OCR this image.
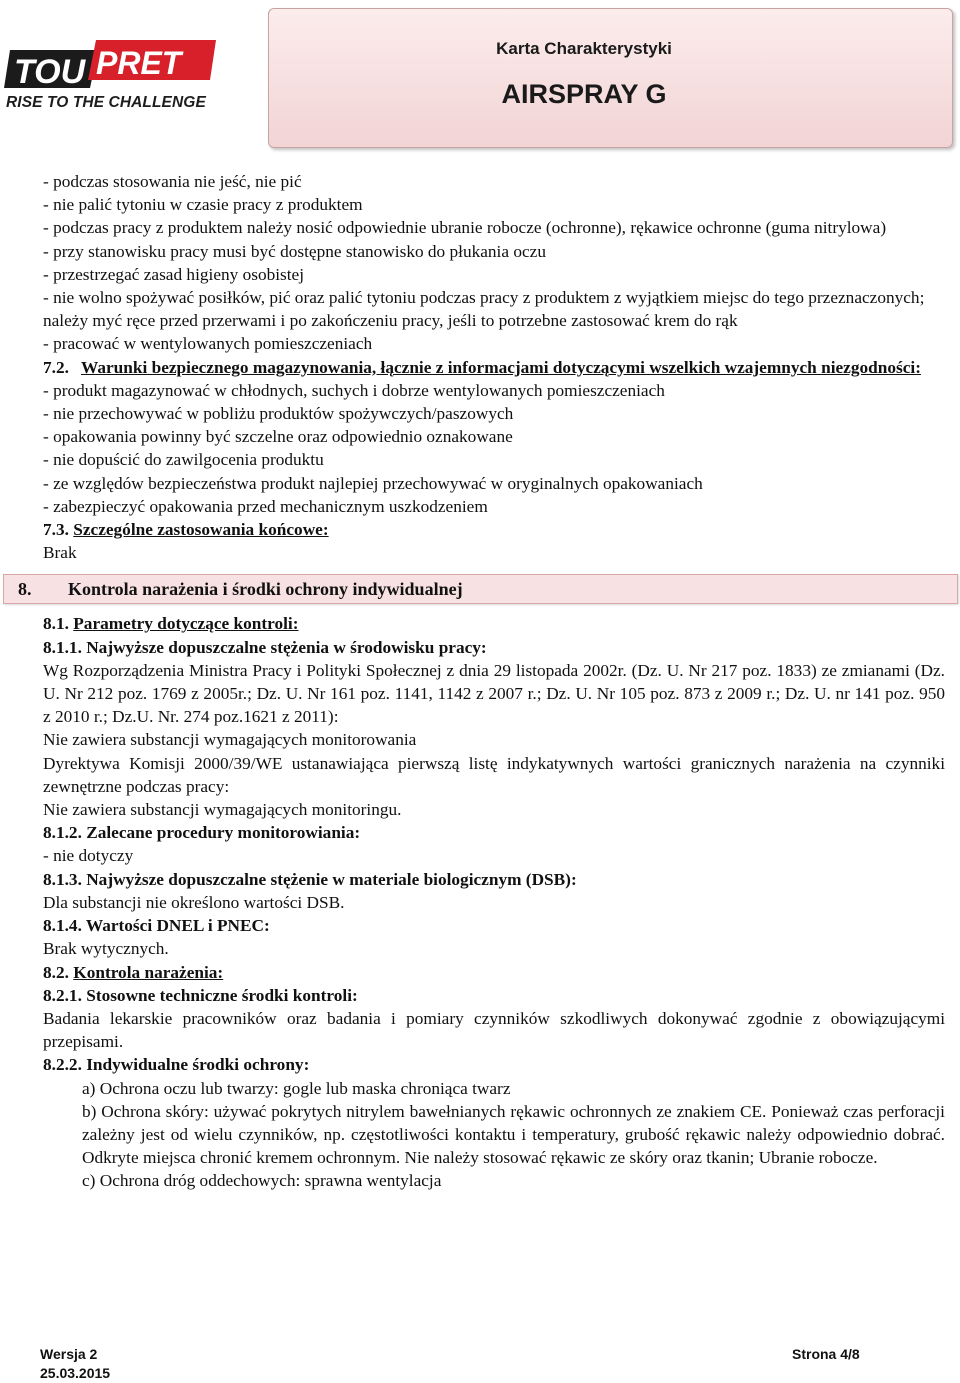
TOU PRET
RISE TO THE CHALLENGE
Karta Charakterystyki
AIRSPRAY G

- podczas stosowania nie jeść, nie pić

- nie palić tytoniu w czasie pracy z produktem

- podczas pracy z produktem należy nosić odpowiednie ubranie robocze (ochronne), rękawice ochronne (guma nitrylowa)

- przy stanowisku pracy musi być dostępne stanowisko do płukania oczu

- przestrzegać zasad higieny osobistej

- nie wolno spożywać posiłków, pić oraz palić tytoniu podczas pracy z produktem z wyjątkiem miejsc do tego przeznaczonych; należy myć ręce przed przerwami i po zakończeniu pracy, jeśli to potrzebne zastosować krem do rąk

- pracować w wentylowanych pomieszczeniach

7.2. Warunki bezpiecznego magazynowania, łącznie z informacjami dotyczącymi wszelkich wzajemnych niezgodności:

- produkt magazynować w chłodnych, suchych i dobrze wentylowanych pomieszczeniach

- nie przechowywać w pobliżu produktów spożywczych/paszowych

- opakowania powinny być szczelne oraz odpowiednio oznakowane

- nie dopuścić do zawilgocenia produktu

- ze względów bezpieczeństwa produkt najlepiej przechowywać w oryginalnych opakowaniach

- zabezpieczyć opakowania przed mechanicznym uszkodzeniem

7.3. Szczególne zastosowania końcowe:

Brak

8.	Kontrola narażenia i środki ochrony indywidualnej

8.1. Parametry dotyczące kontroli:

8.1.1. Najwyższe dopuszczalne stężenia w środowisku pracy:

Wg Rozporządzenia Ministra Pracy i Polityki Społecznej z dnia 29 listopada 2002r. (Dz. U. Nr 217 poz. 1833) ze zmianami (Dz. U. Nr 212 poz. 1769 z 2005r.; Dz. U. Nr 161 poz. 1141, 1142 z 2007 r.; Dz. U. Nr 105 poz. 873 z 2009 r.; Dz. U. nr 141 poz. 950 z 2010 r.; Dz.U. Nr. 274 poz.1621 z 2011):

Nie zawiera substancji wymagających monitorowania

Dyrektywa Komisji 2000/39/WE ustanawiająca pierwszą listę indykatywnych wartości granicznych narażenia na czynniki zewnętrzne podczas pracy:

Nie zawiera substancji wymagających monitoringu.

8.1.2. Zalecane procedury monitorowiania:

- nie dotyczy

8.1.3. Najwyższe dopuszczalne stężenie w materiale biologicznym (DSB):

Dla substancji nie określono wartości DSB.

8.1.4. Wartości DNEL i PNEC:

Brak wytycznych.

8.2. Kontrola narażenia:

8.2.1. Stosowne techniczne środki kontroli:

Badania lekarskie pracowników oraz badania i pomiary czynników szkodliwych dokonywać zgodnie z obowiązującymi przepisami.

8.2.2. Indywidualne środki ochrony:

a) Ochrona oczu lub twarzy: gogle lub maska chroniąca twarz

b) Ochrona skóry: używać pokrytych nitrylem bawełnianych rękawic ochronnych ze znakiem CE. Ponieważ czas perforacji zależny jest od wielu czynników, np. częstotliwości kontaktu i temperatury, grubość rękawic należy odpowiednio dobrać. Odkryte miejsca chronić kremem ochronnym. Nie należy stosować rękawic ze skóry oraz tkanin; Ubranie robocze.

c) Ochrona dróg oddechowych: sprawna wentylacja

Wersja 2
25.03.2015
Strona 4/8
